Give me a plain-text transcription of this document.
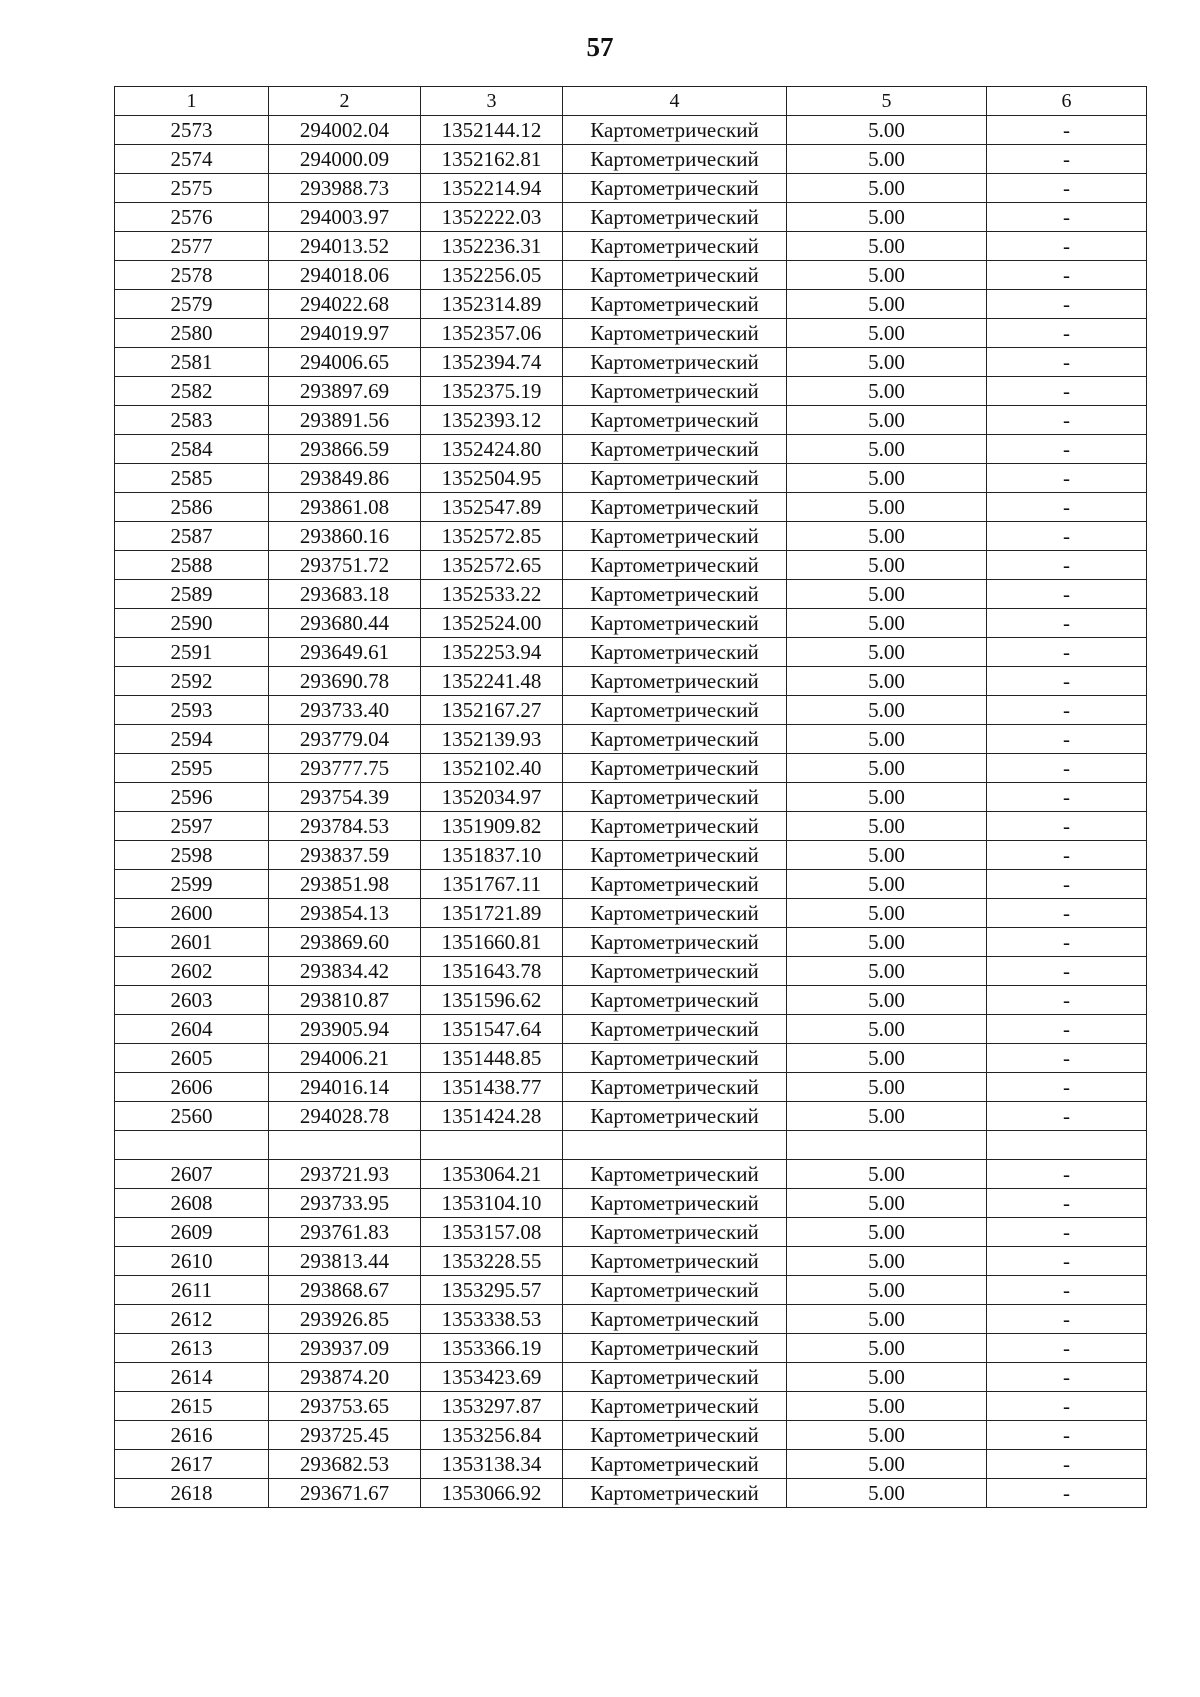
57
1	2	3	4	5	6
2573	294002.04	1352144.12	Картометрический	5.00	-
2574	294000.09	1352162.81	Картометрический	5.00	-
2575	293988.73	1352214.94	Картометрический	5.00	-
2576	294003.97	1352222.03	Картометрический	5.00	-
2577	294013.52	1352236.31	Картометрический	5.00	-
2578	294018.06	1352256.05	Картометрический	5.00	-
2579	294022.68	1352314.89	Картометрический	5.00	-
2580	294019.97	1352357.06	Картометрический	5.00	-
2581	294006.65	1352394.74	Картометрический	5.00	-
2582	293897.69	1352375.19	Картометрический	5.00	-
2583	293891.56	1352393.12	Картометрический	5.00	-
2584	293866.59	1352424.80	Картометрический	5.00	-
2585	293849.86	1352504.95	Картометрический	5.00	-
2586	293861.08	1352547.89	Картометрический	5.00	-
2587	293860.16	1352572.85	Картометрический	5.00	-
2588	293751.72	1352572.65	Картометрический	5.00	-
2589	293683.18	1352533.22	Картометрический	5.00	-
2590	293680.44	1352524.00	Картометрический	5.00	-
2591	293649.61	1352253.94	Картометрический	5.00	-
2592	293690.78	1352241.48	Картометрический	5.00	-
2593	293733.40	1352167.27	Картометрический	5.00	-
2594	293779.04	1352139.93	Картометрический	5.00	-
2595	293777.75	1352102.40	Картометрический	5.00	-
2596	293754.39	1352034.97	Картометрический	5.00	-
2597	293784.53	1351909.82	Картометрический	5.00	-
2598	293837.59	1351837.10	Картометрический	5.00	-
2599	293851.98	1351767.11	Картометрический	5.00	-
2600	293854.13	1351721.89	Картометрический	5.00	-
2601	293869.60	1351660.81	Картометрический	5.00	-
2602	293834.42	1351643.78	Картометрический	5.00	-
2603	293810.87	1351596.62	Картометрический	5.00	-
2604	293905.94	1351547.64	Картометрический	5.00	-
2605	294006.21	1351448.85	Картометрический	5.00	-
2606	294016.14	1351438.77	Картометрический	5.00	-
2560	294028.78	1351424.28	Картометрический	5.00	-

2607	293721.93	1353064.21	Картометрический	5.00	-
2608	293733.95	1353104.10	Картометрический	5.00	-
2609	293761.83	1353157.08	Картометрический	5.00	-
2610	293813.44	1353228.55	Картометрический	5.00	-
2611	293868.67	1353295.57	Картометрический	5.00	-
2612	293926.85	1353338.53	Картометрический	5.00	-
2613	293937.09	1353366.19	Картометрический	5.00	-
2614	293874.20	1353423.69	Картометрический	5.00	-
2615	293753.65	1353297.87	Картометрический	5.00	-
2616	293725.45	1353256.84	Картометрический	5.00	-
2617	293682.53	1353138.34	Картометрический	5.00	-
2618	293671.67	1353066.92	Картометрический	5.00	-
